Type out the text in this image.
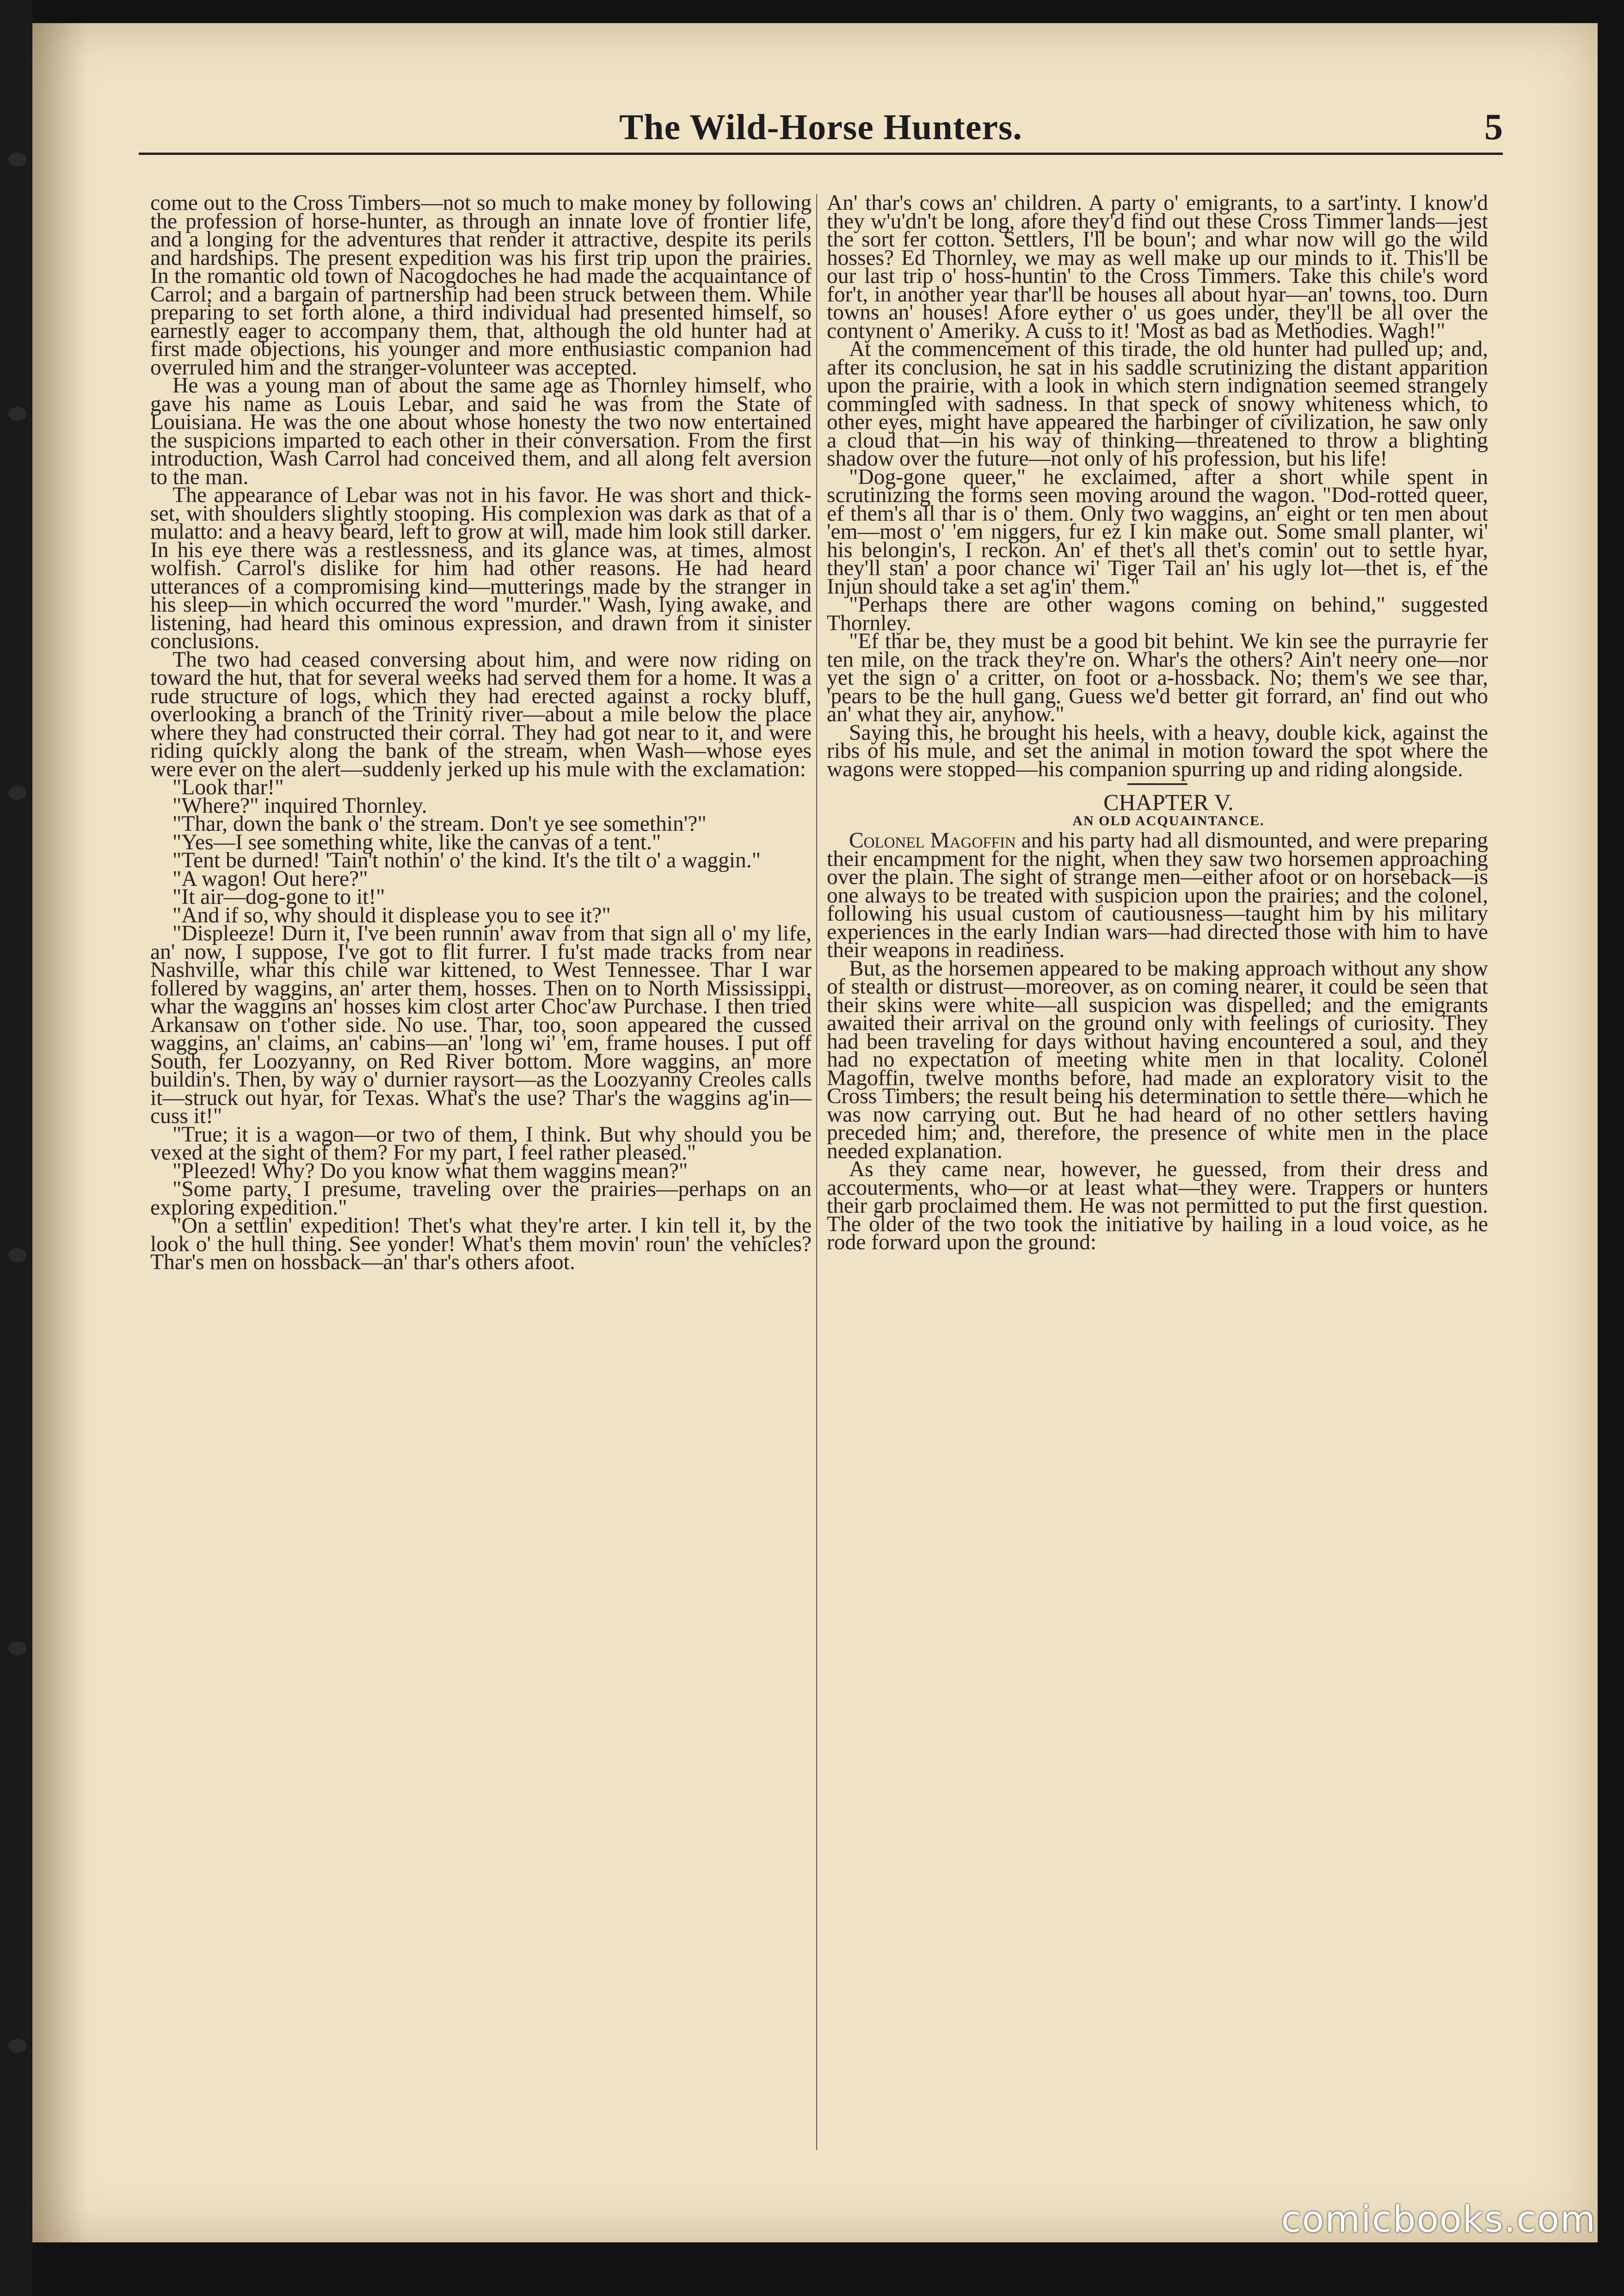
The Wild-Horse Hunters.	5

come out to the Cross Timbers—not so much to make money by following the profession of horse-hunter, as through an innate love of frontier life, and a longing for the adventures that render it attractive, despite its perils and hardships. The present expedition was his first trip upon the prairies. In the romantic old town of Nacogdoches he had made the acquaintance of Carrol; and a bargain of partnership had been struck between them. While preparing to set forth alone, a third individual had presented himself, so earnestly eager to accompany them, that, although the old hunter had at first made objections, his younger and more enthusiastic companion had overruled him and the stranger-volunteer was accepted.

He was a young man of about the same age as Thornley himself, who gave his name as Louis Lebar, and said he was from the State of Louisiana. He was the one about whose honesty the two now entertained the suspicions imparted to each other in their conversation. From the first introduction, Wash Carrol had conceived them, and all along felt aversion to the man.

The appearance of Lebar was not in his favor. He was short and thick-set, with shoulders slightly stooping. His complexion was dark as that of a mulatto: and a heavy beard, left to grow at will, made him look still darker. In his eye there was a restlessness, and its glance was, at times, almost wolfish. Carrol's dislike for him had other reasons. He had heard utterances of a compromising kind—mutterings made by the stranger in his sleep—in which occurred the word "murder." Wash, lying awake, and listening, had heard this ominous expression, and drawn from it sinister conclusions.

The two had ceased conversing about him, and were now riding on toward the hut, that for several weeks had served them for a home. It was a rude structure of logs, which they had erected against a rocky bluff, overlooking a branch of the Trinity river—about a mile below the place where they had constructed their corral. They had got near to it, and were riding quickly along the bank of the stream, when Wash—whose eyes were ever on the alert—suddenly jerked up his mule with the exclamation:

"Look thar!"

"Where?" inquired Thornley.

"Thar, down the bank o' the stream. Don't ye see somethin'?"

"Yes—I see something white, like the canvas of a tent."

"Tent be durned! 'Tain't nothin' o' the kind. It's the tilt o' a waggin."

"A wagon! Out here?"

"It air—dog-gone to it!"

"And if so, why should it displease you to see it?"

"Displeeze! Durn it, I've been runnin' awav from that sign all o' my life, an' now, I suppose, I've got to flit furrer. I fu'st made tracks from near Nashville, whar this chile war kittened, to West Tennessee. Thar I war follered by waggins, an' arter them, hosses. Then on to North Mississippi, whar the waggins an' hosses kim clost arter Choc'aw Purchase. I then tried Arkansaw on t'other side. No use. Thar, too, soon appeared the cussed waggins, an' claims, an' cabins—an' 'long wi' 'em, frame houses. I put off South, fer Loozyanny, on Red River bottom. More waggins, an' more buildin's. Then, by way o' durnier raysort—as the Loozyanny Creoles calls it—struck out hyar, for Texas. What's the use? Thar's the waggins ag'in—cuss it!"

"True; it is a wagon—or two of them, I think. But why should you be vexed at the sight of them? For my part, I feel rather pleased."

"Pleezed! Why? Do you know what them waggins mean?"

"Some party, I presume, traveling over the prairies—perhaps on an exploring expedition."

"On a settlin' expedition! Thet's what they're arter. I kin tell it, by the look o' the hull thing. See yonder! What's them movin' roun' the vehicles? Thar's men on hossback—an' thar's others afoot.

An' thar's cows an' children. A party o' emigrants, to a sart'inty. I know'd they w'u'dn't be long, afore they'd find out these Cross Timmer lands—jest the sort fer cotton. Settlers, I'll be boun'; and whar now will go the wild hosses? Ed Thornley, we may as well make up our minds to it. This'll be our last trip o' hoss-huntin' to the Cross Timmers. Take this chile's word for't, in another year thar'll be houses all about hyar—an' towns, too. Durn towns an' houses! Afore eyther o' us goes under, they'll be all over the contynent o' Ameriky. A cuss to it! 'Most as bad as Methodies. Wagh!"

At the commencement of this tirade, the old hunter had pulled up; and, after its conclusion, he sat in his saddle scrutinizing the distant apparition upon the prairie, with a look in which stern indignation seemed strangely commingled with sadness. In that speck of snowy whiteness which, to other eyes, might have appeared the harbinger of civilization, he saw only a cloud that—in his way of thinking—threatened to throw a blighting shadow over the future—not only of his profession, but his life!

"Dog-gone queer," he exclaimed, after a short while spent in scrutinizing the forms seen moving around the wagon. "Dod-rotted queer, ef them's all thar is o' them. Only two waggins, an' eight or ten men about 'em—most o' 'em niggers, fur ez I kin make out. Some small planter, wi' his belongin's, I reckon. An' ef thet's all thet's comin' out to settle hyar, they'll stan' a poor chance wi' Tiger Tail an' his ugly lot—thet is, ef the Injun should take a set ag'in' them."

"Perhaps there are other wagons coming on behind," suggested Thornley.

"Ef thar be, they must be a good bit behint. We kin see the purrayrie fer ten mile, on the track they're on. Whar's the others? Ain't neery one—nor yet the sign o' a critter, on foot or a-hossback. No; them's we see thar, 'pears to be the hull gang. Guess we'd better git forrard, an' find out who an' what they air, anyhow."

Saying this, he brought his heels, with a heavy, double kick, against the ribs of his mule, and set the animal in motion toward the spot where the wagons were stopped—his companion spurring up and riding alongside.

CHAPTER V.

AN OLD ACQUAINTANCE.

Colonel Magoffin and his party had all dismounted, and were preparing their encampment for the night, when they saw two horsemen approaching over the plain. The sight of strange men—either afoot or on horseback—is one always to be treated with suspicion upon the prairies; and the colonel, following his usual custom of cautiousness—taught him by his military experiences in the early Indian wars—had directed those with him to have their weapons in readiness.

But, as the horsemen appeared to be making approach without any show of stealth or distrust—moreover, as on coming nearer, it could be seen that their skins were white—all suspicion was dispelled; and the emigrants awaited their arrival on the ground only with feelings of curiosity. They had been traveling for days without having encountered a soul, and they had no expectation of meeting white men in that locality. Colonel Magoffin, twelve months before, had made an exploratory visit to the Cross Timbers; the result being his determination to settle there—which he was now carrying out. But he had heard of no other settlers having preceded him; and, therefore, the presence of white men in the place needed explanation.

As they came near, however, he guessed, from their dress and accouterments, who—or at least what—they were. Trappers or hunters their garb proclaimed them. He was not permitted to put the first question. The older of the two took the initiative by hailing in a loud voice, as he rode forward upon the ground:

comicbooks.com
